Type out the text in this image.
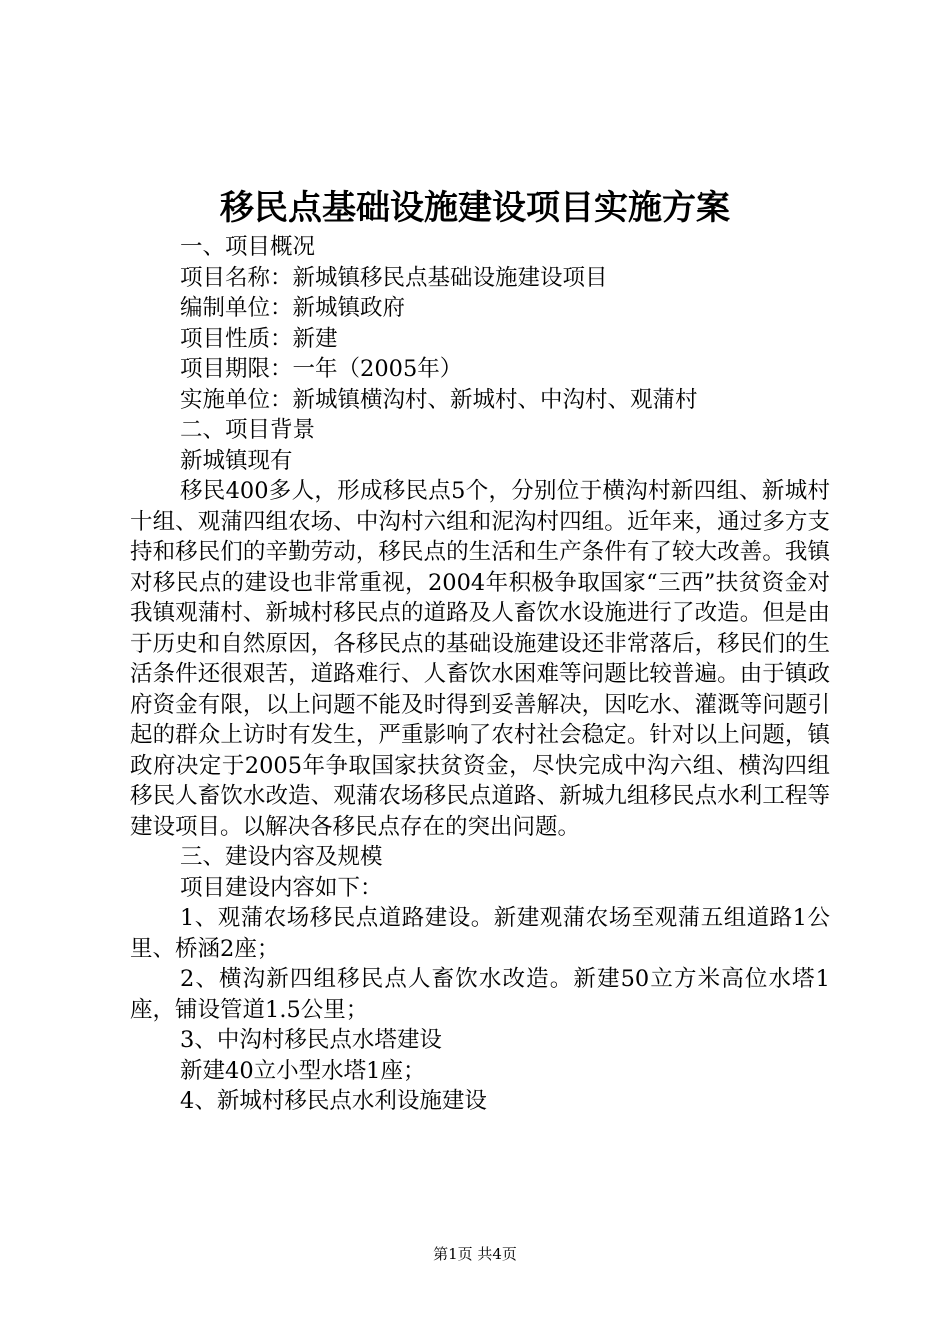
移民点基础设施建设项目实施方案
一、项目概况
项目名称：新城镇移民点基础设施建设项目
编制单位：新城镇政府
项目性质：新建
项目期限：一年（2005年）
实施单位：新城镇横沟村、新城村、中沟村、观蒲村
二、项目背景
新城镇现有

移民400多人，形成移民点5个，分别位于横沟村新四组、新城村十组、观蒲四组农场、中沟村六组和泥沟村四组。近年来，通过多方支持和移民们的辛勤劳动，移民点的生活和生产条件有了较大改善。我镇对移民点的建设也非常重视，2004年积极争取国家“三西”扶贫资金对我镇观蒲村、新城村移民点的道路及人畜饮水设施进行了改造。但是由于历史和自然原因，各移民点的基础设施建设还非常落后，移民们的生活条件还很艰苦，道路难行、人畜饮水困难等问题比较普遍。由于镇政府资金有限，以上问题不能及时得到妥善解决，因吃水、灌溉等问题引起的群众上访时有发生，严重影响了农村社会稳定。针对以上问题，镇政府决定于2005年争取国家扶贫资金，尽快完成中沟六组、横沟四组移民人畜饮水改造、观蒲农场移民点道路、新城九组移民点水利工程等建设项目。以解决各移民点存在的突出问题。

三、建设内容及规模
项目建设内容如下：

1、观蒲农场移民点道路建设。新建观蒲农场至观蒲五组道路1公里、桥涵2座；

2、横沟新四组移民点人畜饮水改造。新建50立方米高位水塔1座，铺设管道1.5公里；

3、中沟村移民点水塔建设
新建40立小型水塔1座；
4、新城村移民点水利设施建设
第1页 共4页
